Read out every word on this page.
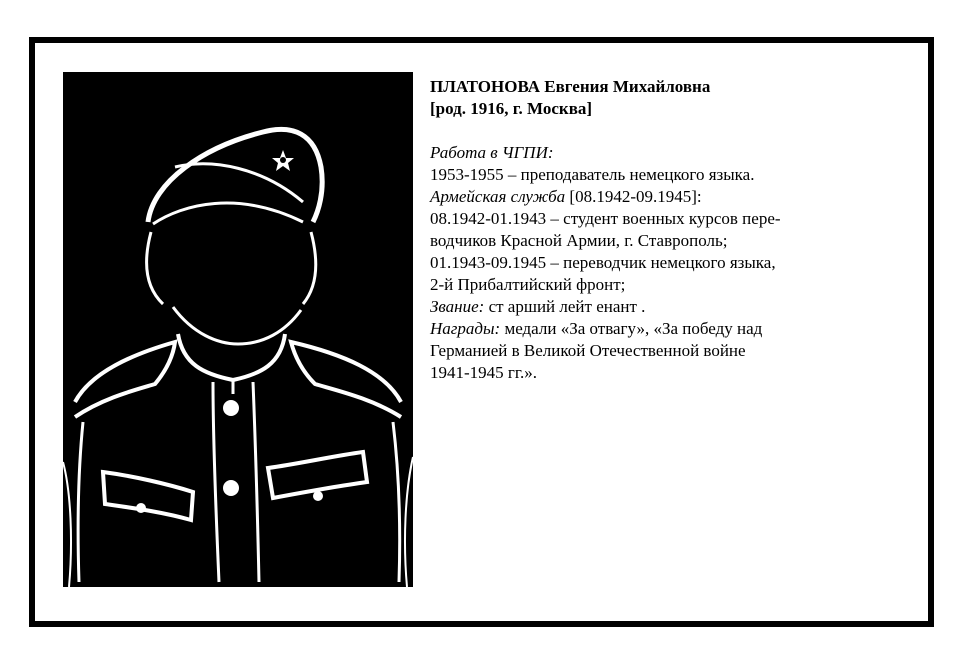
ПЛАТОНОВА Евгения Михайловна
[род. 1916, г. Москва]
Работа в ЧГПИ:
1953-1955 – преподаватель немецкого языка.
Армейская служба [08.1942-09.1945]:
08.1942-01.1943 – студент военных курсов пере-
водчиков Красной Армии, г. Ставрополь;
01.1943-09.1945 – переводчик немецкого языка,
2-й Прибалтийский фронт;
Звание: ст арший лейт енант .
Награды: медали «За отвагу», «За победу над
Германией в Великой Отечественной войне
1941-1945 гг.».
